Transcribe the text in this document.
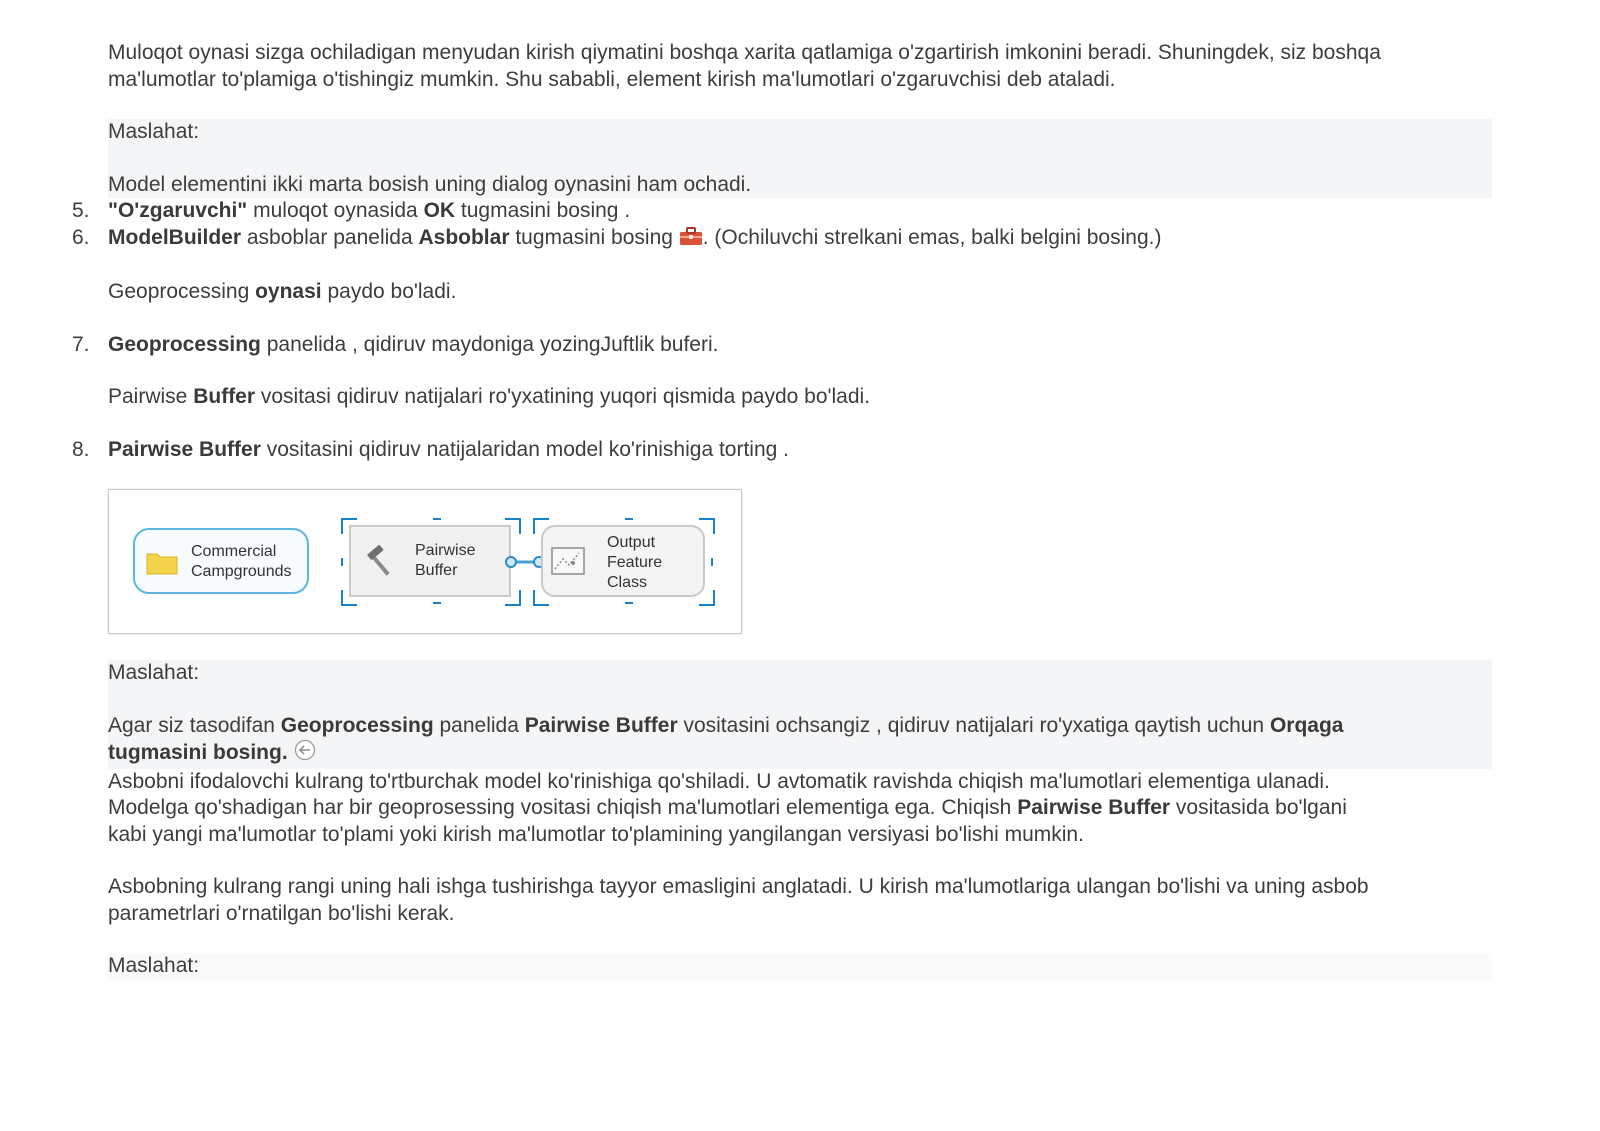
Muloqot oynasi sizga ochiladigan menyudan kirish qiymatini boshqa xarita qatlamiga o'zgartirish imkonini beradi. Shuningdek, siz boshqa
ma'lumotlar to'plamiga o'tishingiz mumkin. Shu sababli, element kirish ma'lumotlari o'zgaruvchisi deb ataladi.

Maslahat:

Model elementini ikki marta bosish uning dialog oynasini ham ochadi.

5. "O'zgaruvchi" muloqot oynasida OK tugmasini bosing .
6. ModelBuilder asboblar panelida Asboblar tugmasini bosing . (Ochiluvchi strelkani emas, balki belgini bosing.)

Geoprocessing oynasi paydo bo'ladi.

7. Geoprocessing panelida , qidiruv maydoniga yozingJuftlik buferi.

Pairwise Buffer vositasi qidiruv natijalari ro'yxatining yuqori qismida paydo bo'ladi.

8. Pairwise Buffer vositasini qidiruv natijalaridan model ko'rinishiga torting .
Commercial
Campgrounds
Pairwise
Buffer
Output
Feature
Class

Maslahat:

Agar siz tasodifan Geoprocessing panelida Pairwise Buffer vositasini ochsangiz , qidiruv natijalari ro'yxatiga qaytish uchun Orqaga
tugmasini bosing.

Asbobni ifodalovchi kulrang to'rtburchak model ko'rinishiga qo'shiladi. U avtomatik ravishda chiqish ma'lumotlari elementiga ulanadi.
Modelga qo'shadigan har bir geoprosessing vositasi chiqish ma'lumotlari elementiga ega. Chiqish Pairwise Buffer vositasida bo'lgani
kabi yangi ma'lumotlar to'plami yoki kirish ma'lumotlar to'plamining yangilangan versiyasi bo'lishi mumkin.

Asbobning kulrang rangi uning hali ishga tushirishga tayyor emasligini anglatadi. U kirish ma'lumotlariga ulangan bo'lishi va uning asbob
parametrlari o'rnatilgan bo'lishi kerak.

Maslahat:
